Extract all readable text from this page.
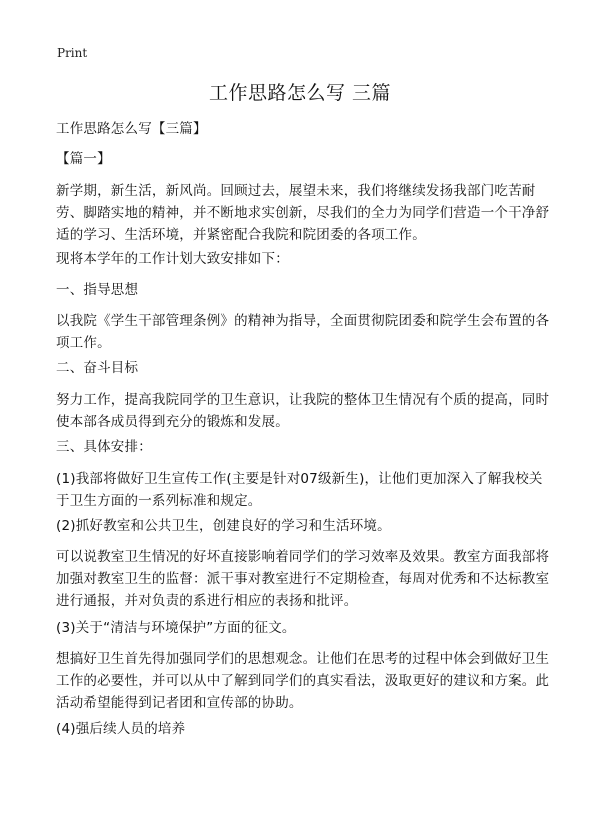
Print
工作思路怎么写 三篇

工作思路怎么写【三篇】

【篇一】

新学期，新生活，新风尚。回顾过去，展望未来，我们将继续发扬我部门吃苦耐劳、脚踏实地的精神，并不断地求实创新，尽我们的全力为同学们营造一个干净舒适的学习、生活环境，并紧密配合我院和院团委的各项工作。

现将本学年的工作计划大致安排如下：

一、指导思想

以我院《学生干部管理条例》的精神为指导，全面贯彻院团委和院学生会布置的各项工作。

二、奋斗目标

努力工作，提高我院同学的卫生意识，让我院的整体卫生情况有个质的提高，同时使本部各成员得到充分的锻炼和发展。

三、具体安排：

(1)我部将做好卫生宣传工作(主要是针对07级新生)，让他们更加深入了解我校关于卫生方面的一系列标准和规定。

(2)抓好教室和公共卫生，创建良好的学习和生活环境。

可以说教室卫生情况的好坏直接影响着同学们的学习效率及效果。教室方面我部将加强对教室卫生的监督：派干事对教室进行不定期检查，每周对优秀和不达标教室进行通报，并对负责的系进行相应的表扬和批评。

(3)关于“清洁与环境保护”方面的征文。

想搞好卫生首先得加强同学们的思想观念。让他们在思考的过程中体会到做好卫生工作的必要性，并可以从中了解到同学们的真实看法，汲取更好的建议和方案。此活动希望能得到记者团和宣传部的协助。

(4)强后续人员的培养
